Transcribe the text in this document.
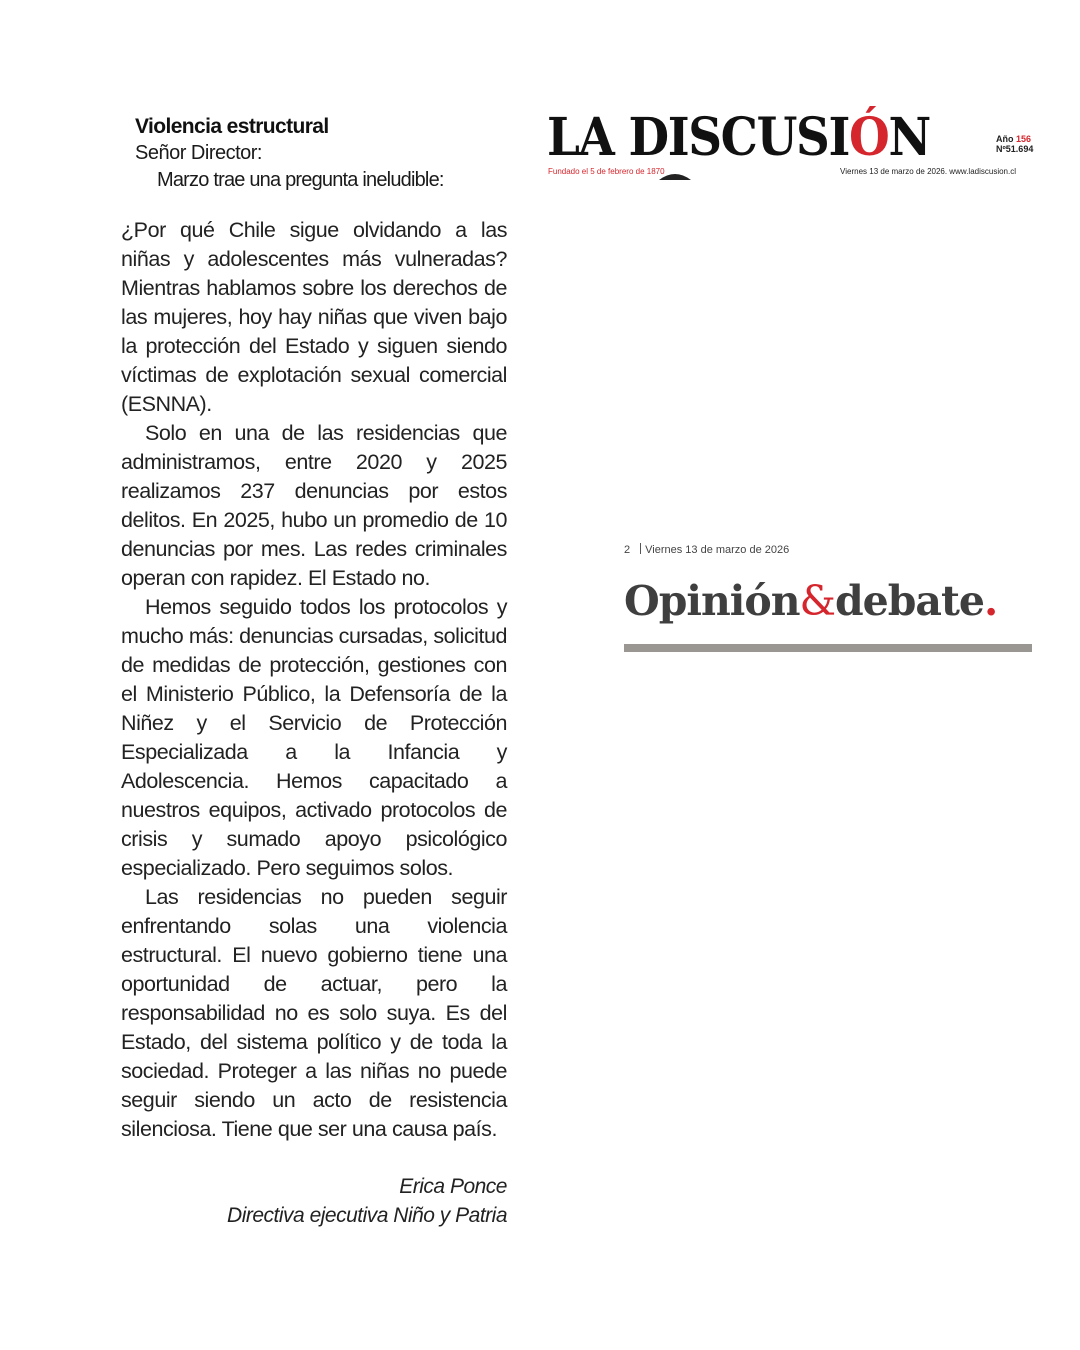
Violencia estructural
Señor Director:
Marzo trae una pregunta ineludible:

¿Por qué Chile sigue olvidando a las niñas y adolescentes más vulneradas? Mientras hablamos sobre los derechos de las mujeres, hoy hay niñas que viven bajo la protección del Estado y siguen siendo víctimas de explotación sexual comercial (ESNNA).

Solo en una de las residencias que administramos, entre 2020 y 2025 realizamos 237 denuncias por estos delitos. En 2025, hubo un promedio de 10 denuncias por mes. Las redes criminales operan con rapidez. El Estado no.

Hemos seguido todos los protocolos y mucho más: denuncias cursadas, solicitud de medidas de protección, gestiones con el Ministerio Público, la Defensoría de la Niñez y el Servicio de Protección Especializada a la Infancia y Adolescencia. Hemos capacitado a nuestros equipos, activado protocolos de crisis y sumado apoyo psicológico especializado. Pero seguimos solos.

Las residencias no pueden seguir enfrentando solas una violencia estructural. El nuevo gobierno tiene una oportunidad de actuar, pero la responsabilidad no es solo suya. Es del Estado, del sistema político y de toda la sociedad. Proteger a las niñas no puede seguir siendo un acto de resistencia silenciosa. Tiene que ser una causa país.

Erica Ponce
Directiva ejecutiva Niño y Patria
LA DISCUSIÓN	Año 156
Nº51.694
Fundado el 5 de febrero de 1870	Viernes 13 de marzo de 2026. www.ladiscusion.cl
2 Viernes 13 de marzo de 2026
Opinión&debate.
